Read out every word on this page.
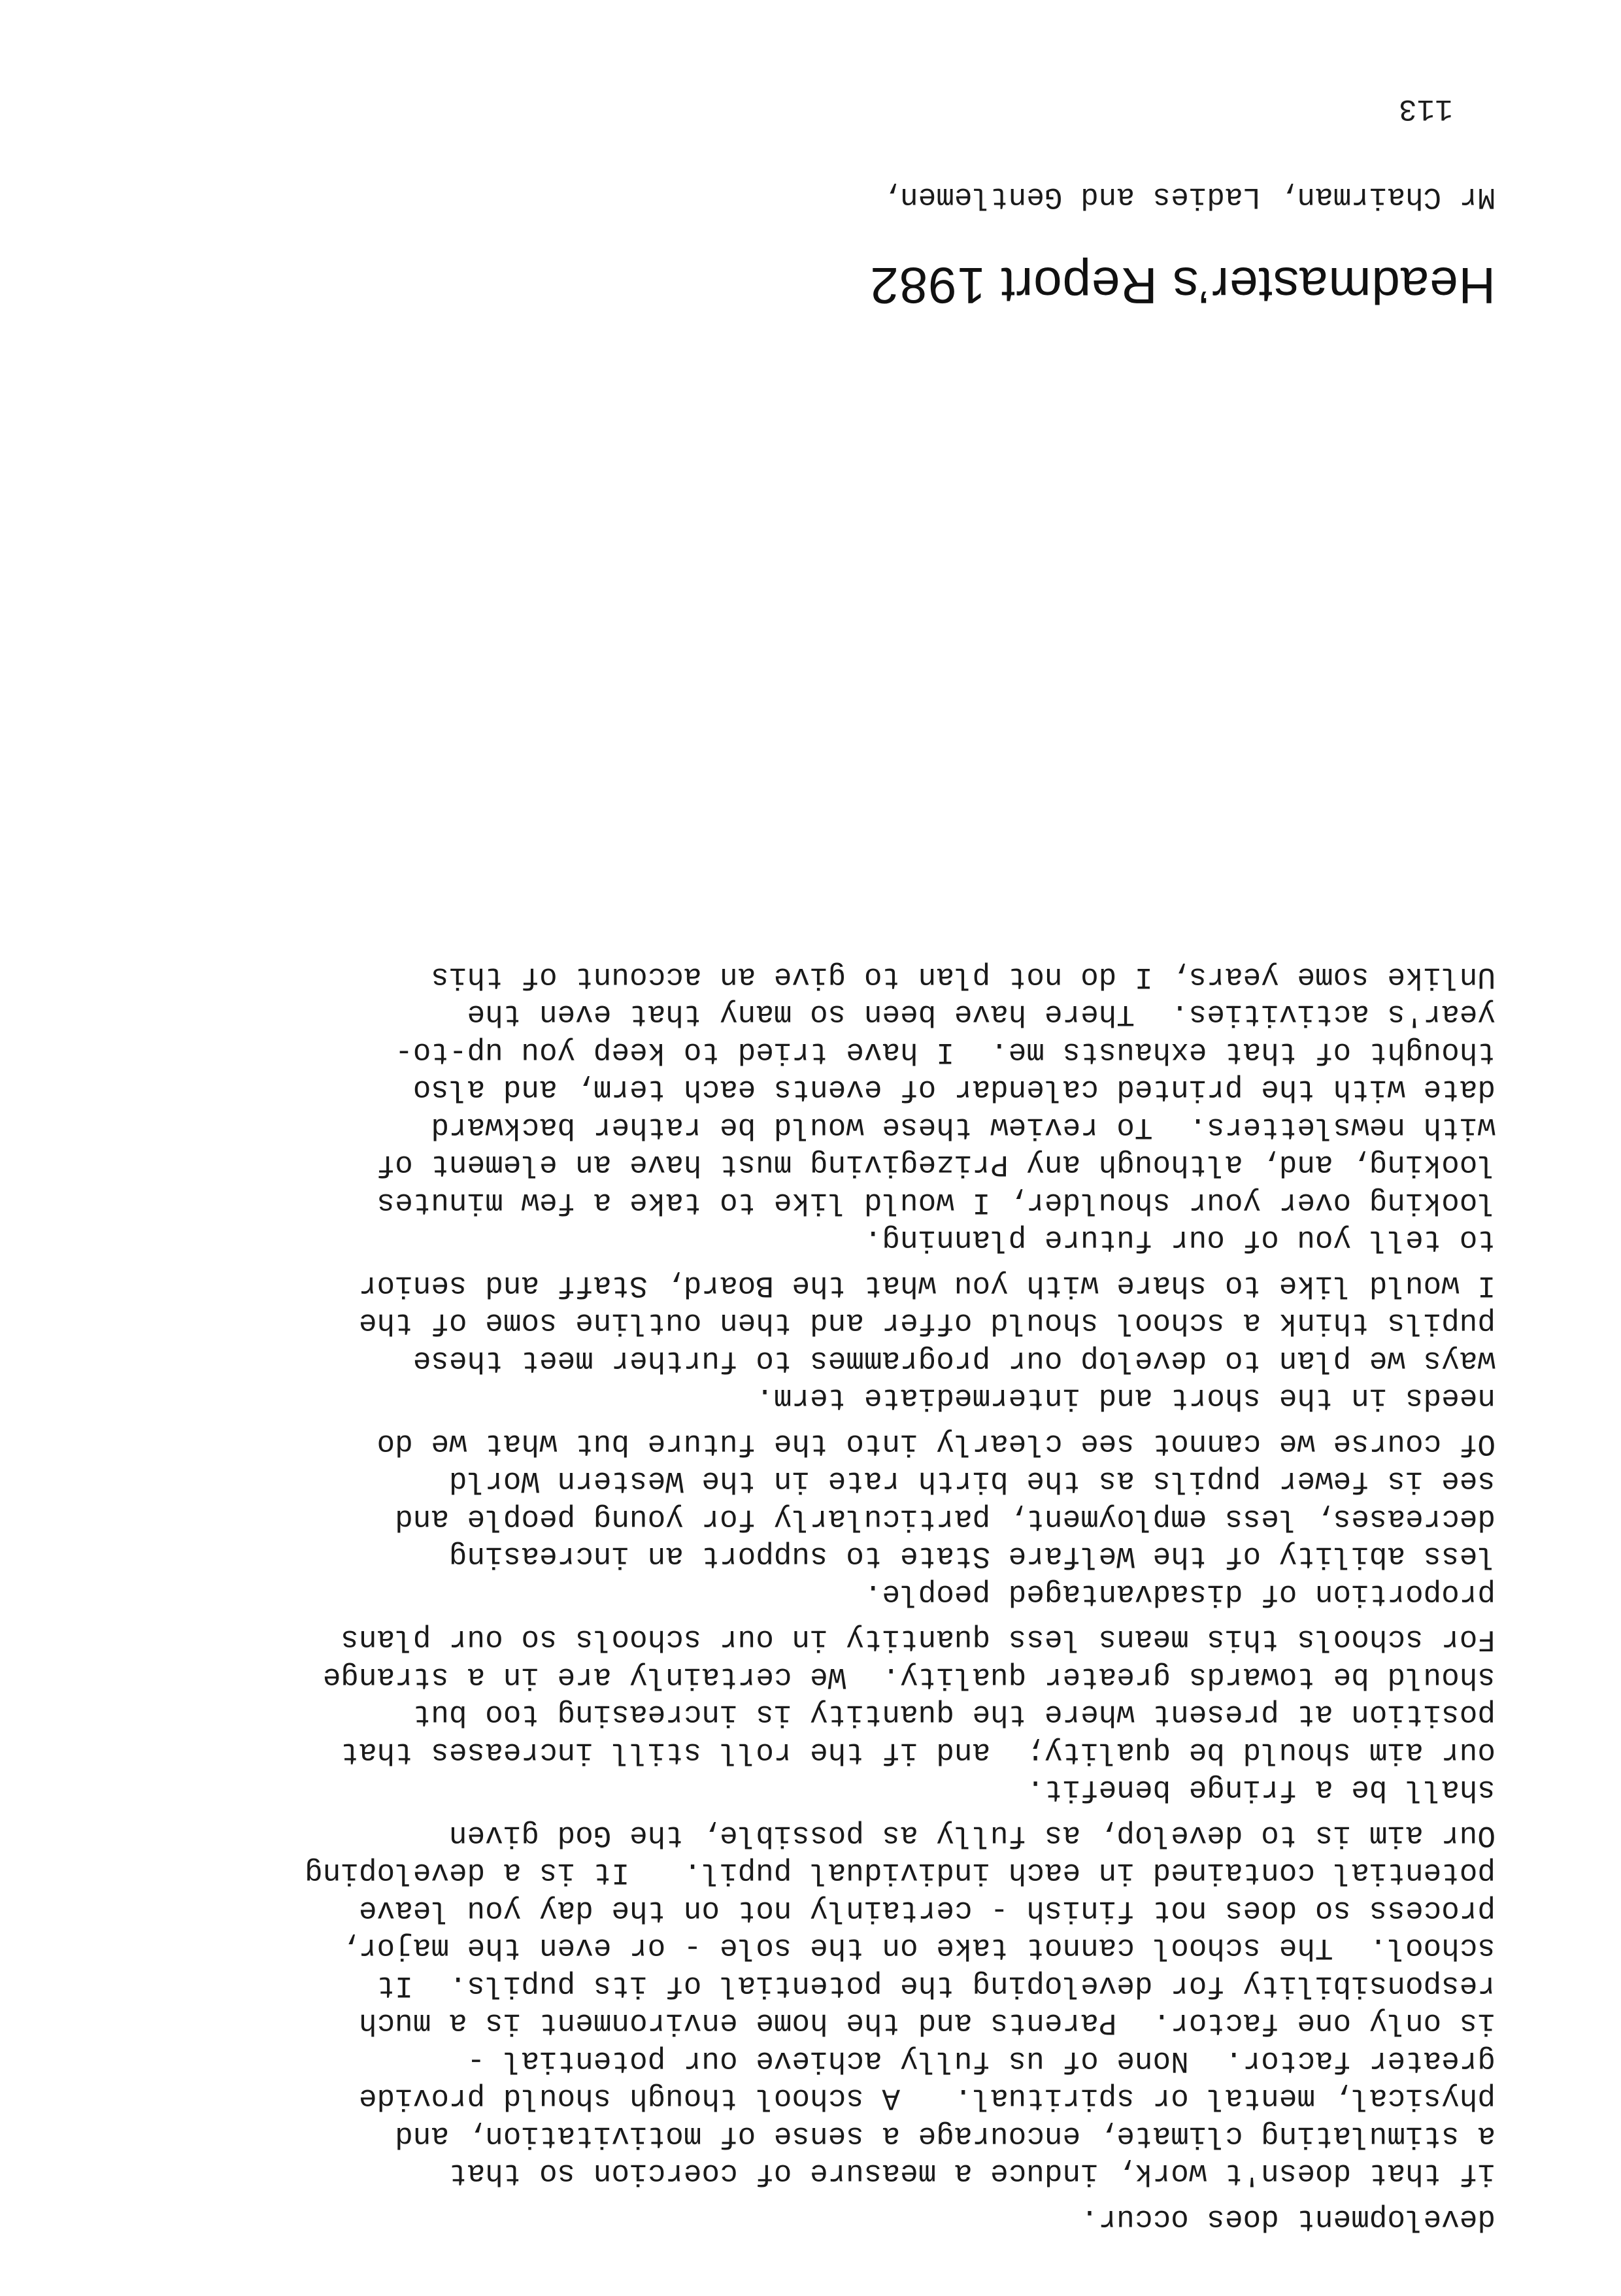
113
development does occur.
if that doesn't work, induce a measure of coercion so that
a stimulating climate, encourage a sense of motivitation, and
physical, mental or spiritual.   A school though should provide
greater factor.  None of us fully achieve our potential -
is only one factor.  Parents and the home environment is a much
responsibility for developing the potential of its pupils.  It
school.  The school cannot take on the sole - or even the major,
process so does not finish - certainly not on the day you leave
potential contained in each individual pupil.   It is a developing
Our aim is to develop, as fully as possible, the God given
shall be a fringe benefit.
our aim should be quality;  and if the roll still increases that
position at present where the quantity is increasing too but
should be towards greater quality.  We certainly are in a strange
For schools this means less quantity in our schools so our plans
proportion of disadvantaged people.
less ability of the Welfare State to support an increasing
decreases, less employment, particularly for young people and
see is fewer pupils as the birth rate in the Western World
Of course we cannot see clearly into the future but what we do
needs in the short and intermediate term.
ways we plan to develop our programmes to further meet these
pupils think a school should offer and then outline some of the
I would like to share with you what the Board, Staff and senior
to tell you of our future planning.
looking over your shoulder, I would like to take a few minutes
looking, and, although any Prizegiving must have an element of
with newsletters.  To review these would be rather backward
date with the printed calendar of events each term, and also
thought of that exhausts me.  I have tried to keep you up-to-
year's activities.  There have been so many that even the
Unlike some years, I do not plan to give an account of this
Mr Chairman, Ladies and Gentlemen,
Headmaster’s Report 1982
